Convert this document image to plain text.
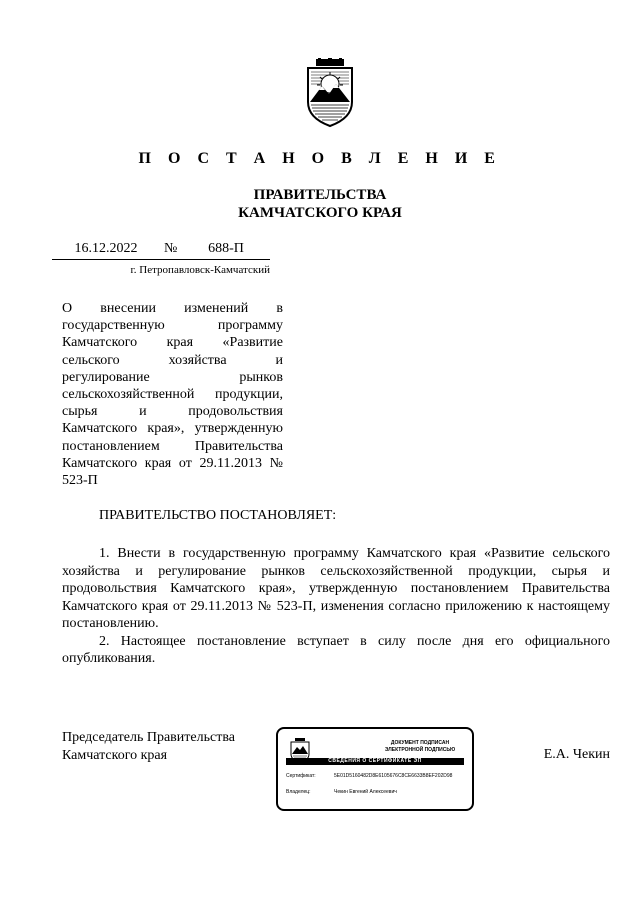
П О С Т А Н О В Л Е Н И Е
ПРАВИТЕЛЬСТВА
КАМЧАТСКОГО КРАЯ
16.12.2022	№	688-П
г. Петропавловск-Камчатский
О внесении изменений в государственную программу Камчатского края «Развитие сельского хозяйства и регулирование рынков сельскохозяйственной продукции, сырья и продовольствия Камчатского края», утвержденную постановлением Правительства Камчатского края от 29.11.2013 № 523-П
ПРАВИТЕЛЬСТВО ПОСТАНОВЛЯЕТ:

1. Внести в государственную программу Камчатского края «Развитие сельского хозяйства и регулирование рынков сельскохозяйственной продукции, сырья и продовольствия Камчатского края», утвержденную постановлением Правительства Камчатского края от 29.11.2013 № 523-П, изменения согласно приложению к настоящему постановлению.

2. Настоящее постановление вступает в силу после дня его официального опубликования.

Председатель Правительства
Камчатского края
ДОКУМЕНТ ПОДПИСАН
ЭЛЕКТРОННОЙ ПОДПИСЬЮ
СВЕДЕНИЯ О СЕРТИФИКАТЕ ЭП
Сертификат:	5E01D5160482D8E6105676C8CE6633B8EF202D98
Владелец:	Чекин Евгений Алексеевич
Е.А. Чекин
